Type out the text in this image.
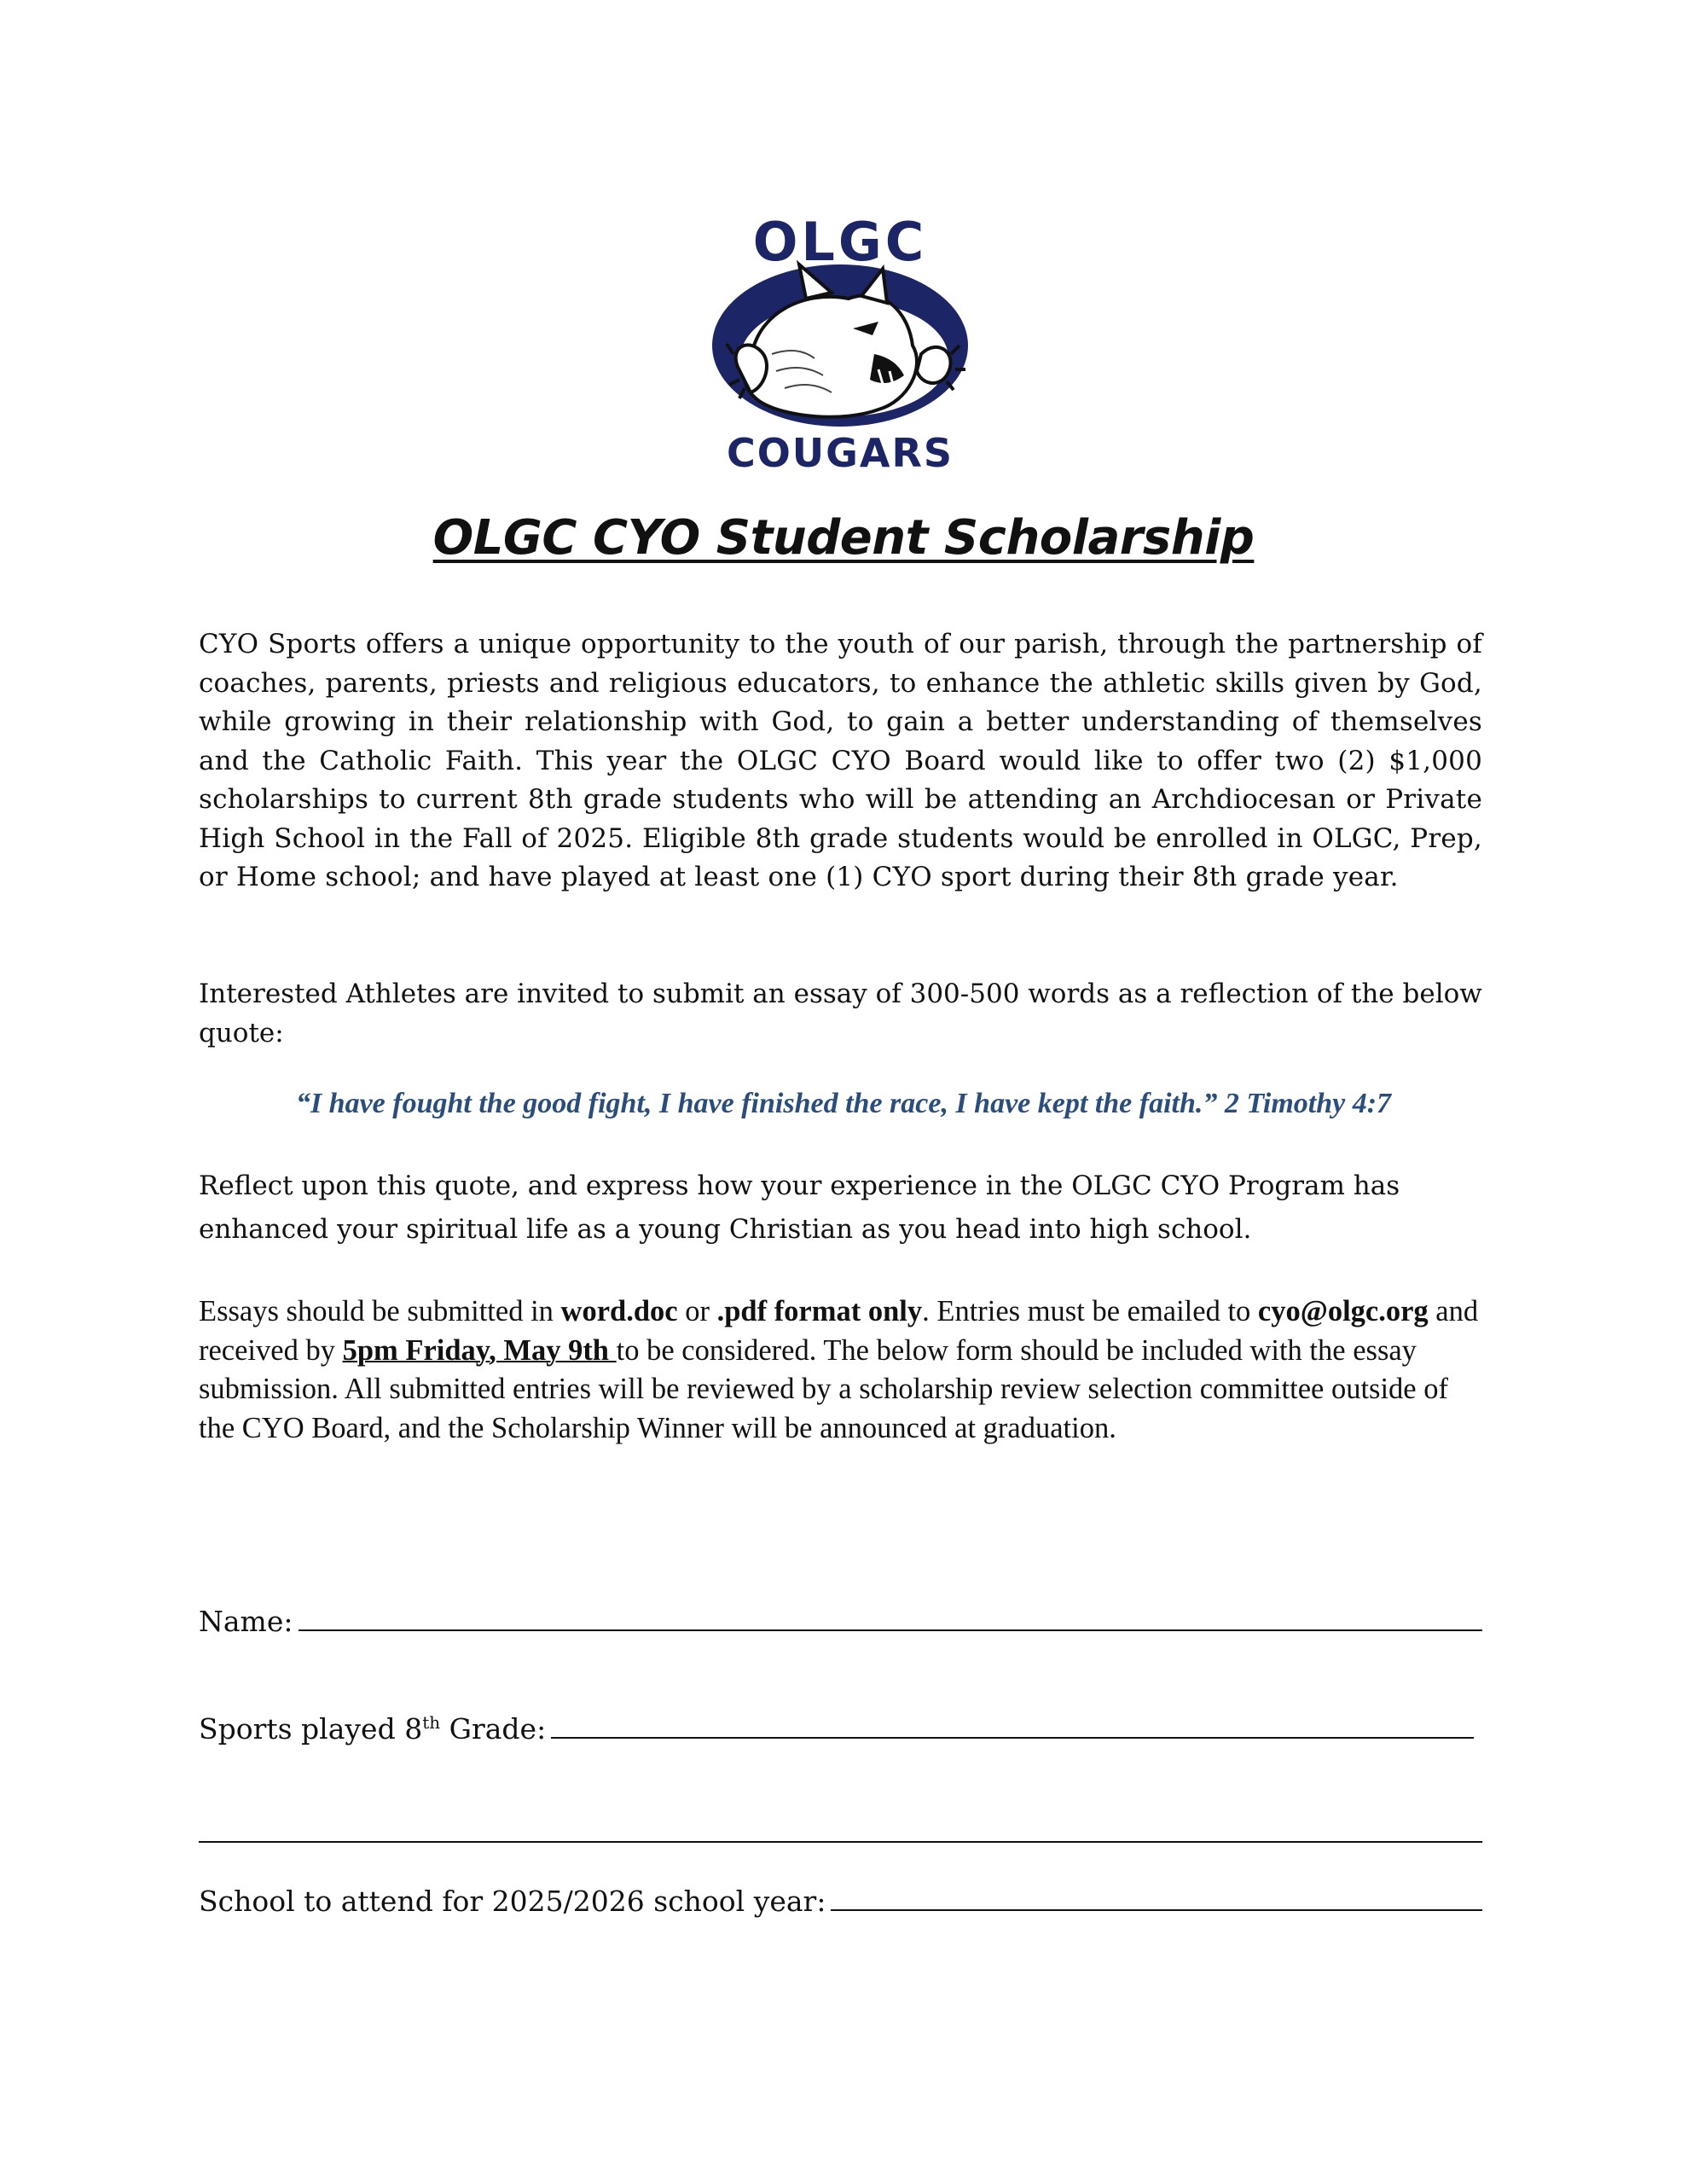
OLGC
COUGARS
OLGC CYO Student Scholarship

CYO Sports offers a unique opportunity to the youth of our parish, through the partnership of coaches, parents, priests and religious educators, to enhance the athletic skills given by God, while growing in their relationship with God, to gain a better understanding of themselves and the Catholic Faith. This year the OLGC CYO Board would like to offer two (2) $1,000 scholarships to current 8th grade students who will be attending an Archdiocesan or Private High School in the Fall of 2025. Eligible 8th grade students would be enrolled in OLGC, Prep, or Home school; and have played at least one (1) CYO sport during their 8th grade year.

Interested Athletes are invited to submit an essay of 300-500 words as a reflection of the below quote:

“I have fought the good fight, I have finished the race, I have kept the faith.” 2 Timothy 4:7

Reflect upon this quote, and express how your experience in the OLGC CYO Program has enhanced your spiritual life as a young Christian as you head into high school.

Essays should be submitted in word.doc or .pdf format only. Entries must be emailed to cyo@olgc.org and received by 5pm Friday, May 9th to be considered. The below form should be included with the essay submission. All submitted entries will be reviewed by a scholarship review selection committee outside of the CYO Board, and the Scholarship Winner will be announced at graduation.

Name:
Sports played 8th Grade:
School to attend for 2025/2026 school year:
